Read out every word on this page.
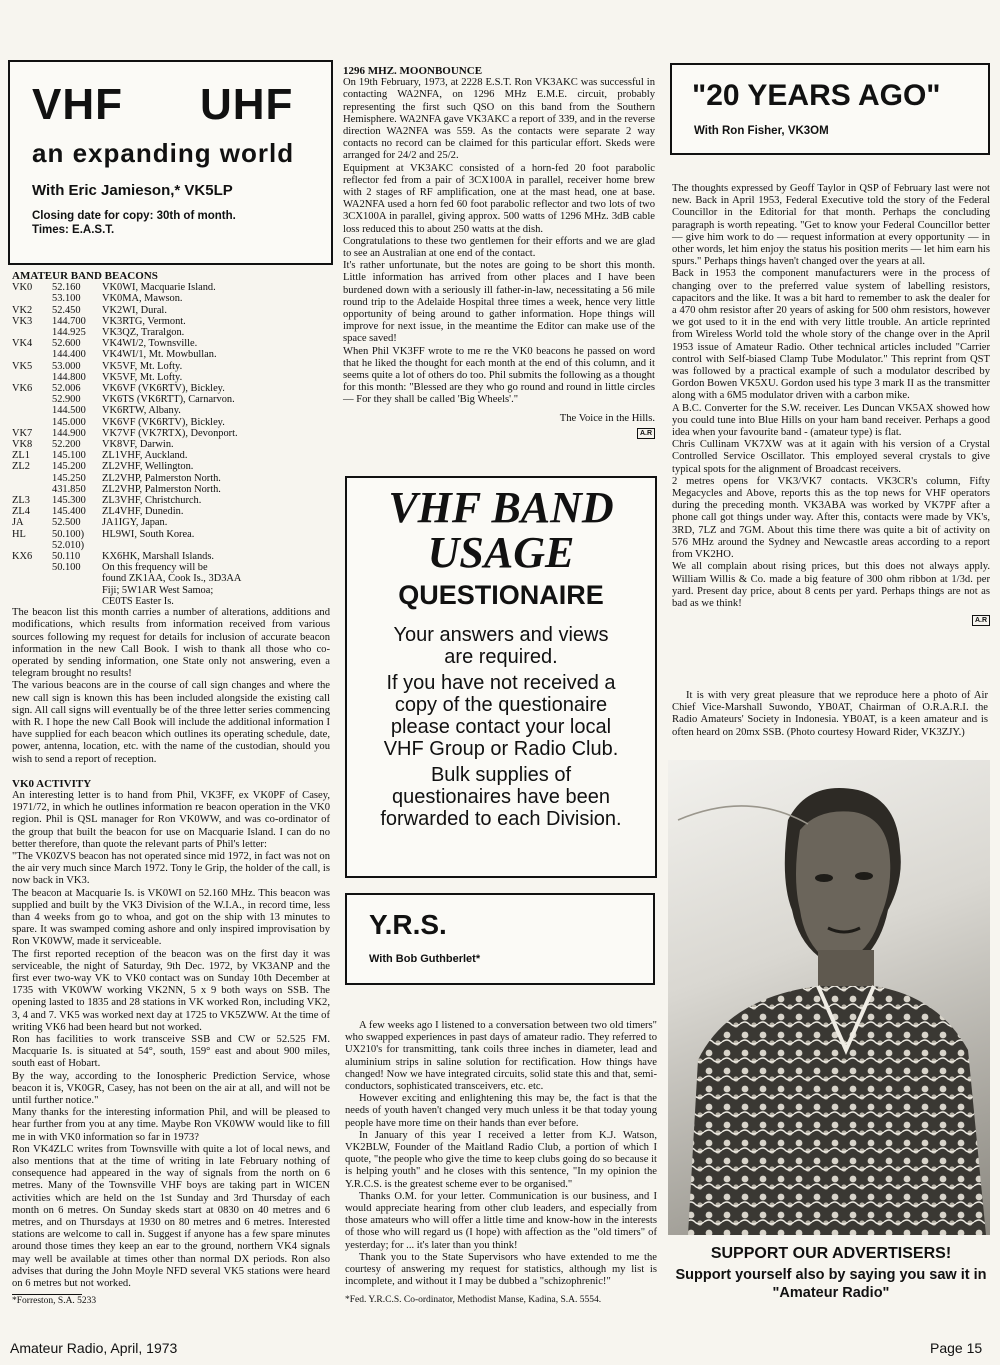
VHF UHF
an expanding world
With Eric Jamieson,* VK5LP
Closing date for copy: 30th of month.
Times: E.A.S.T.
AMATEUR BAND BEACONS
VK0	52.160	VK0WI, Macquarie Island.
	53.100	VK0MA, Mawson.
VK2	52.450	VK2WI, Dural.
VK3	144.700	VK3RTG, Vermont.
	144.925	VK3QZ, Traralgon.
VK4	52.600	VK4WI/2, Townsville.
	144.400	VK4WI/1, Mt. Mowbullan.
VK5	53.000	VK5VF, Mt. Lofty.
	144.800	VK5VF, Mt. Lofty.
VK6	52.006	VK6VF (VK6RTV), Bickley.
	52.900	VK6TS (VK6RTT), Carnarvon.
	144.500	VK6RTW, Albany.
	145.000	VK6VF (VK6RTV), Bickley.
VK7	144.900	VK7VF (VK7RTX), Devonport.
VK8	52.200	VK8VF, Darwin.
ZL1	145.100	ZL1VHF, Auckland.
ZL2	145.200	ZL2VHF, Wellington.
	145.250	ZL2VHP, Palmerston North.
	431.850	ZL2VHP, Palmerston North.
ZL3	145.300	ZL3VHF, Christchurch.
ZL4	145.400	ZL4VHF, Dunedin.
JA	52.500	JA1IGY, Japan.
HL	50.100)	HL9WI, South Korea.
	52.010)	
KX6	50.110	KX6HK, Marshall Islands.
	50.100	On this frequency will be
		found ZK1AA, Cook Is., 3D3AA
		Fiji; 5W1AR West Samoa;
		CE0TS Easter Is.

The beacon list this month carries a number of alterations, additions and modifications, which results from information received from various sources following my request for details for inclusion of accurate beacon information in the new Call Book. I wish to thank all those who co-operated by sending information, one State only not answering, even a telegram brought no results!

The various beacons are in the course of call sign changes and where the new call sign is known this has been included alongside the existing call sign. All call signs will eventually be of the three letter series commencing with R. I hope the new Call Book will include the additional information I have supplied for each beacon which outlines its operating schedule, date, power, antenna, location, etc. with the name of the custodian, should you wish to send a report of reception.

VK0 ACTIVITY

An interesting letter is to hand from Phil, VK3FF, ex VK0PF of Casey, 1971/72, in which he outlines information re beacon operation in the VK0 region. Phil is QSL manager for Ron VK0WW, and was co-ordinator of the group that built the beacon for use on Macquarie Island. I can do no better therefore, than quote the relevant parts of Phil's letter:

"The VK0ZVS beacon has not operated since mid 1972, in fact was not on the air very much since March 1972. Tony le Grip, the holder of the call, is now back in VK3.

The beacon at Macquarie Is. is VK0WI on 52.160 MHz. This beacon was supplied and built by the VK3 Division of the W.I.A., in record time, less than 4 weeks from go to whoa, and got on the ship with 13 minutes to spare. It was swamped coming ashore and only inspired improvisation by Ron VK0WW, made it serviceable.

The first reported reception of the beacon was on the first day it was serviceable, the night of Saturday, 9th Dec. 1972, by VK3ANP and the first ever two-way VK to VK0 contact was on Sunday 10th December at 1735 with VK0WW working VK2NN, 5 x 9 both ways on SSB. The opening lasted to 1835 and 28 stations in VK worked Ron, including VK2, 3, 4 and 7. VK5 was worked next day at 1725 to VK5ZWW. At the time of writing VK6 had been heard but not worked.

Ron has facilities to work transceive SSB and CW or 52.525 FM. Macquarie Is. is situated at 54°, south, 159° east and about 900 miles, south east of Hobart.

By the way, according to the Ionospheric Prediction Service, whose beacon it is, VK0GR, Casey, has not been on the air at all, and will not be until further notice."

Many thanks for the interesting information Phil, and will be pleased to hear further from you at any time. Maybe Ron VK0WW would like to fill me in with VK0 information so far in 1973?

Ron VK4ZLC writes from Townsville with quite a lot of local news, and also mentions that at the time of writing in late February nothing of consequence had appeared in the way of signals from the north on 6 metres. Many of the Townsville VHF boys are taking part in WICEN activities which are held on the 1st Sunday and 3rd Thursday of each month on 6 metres. On Sunday skeds start at 0830 on 40 metres and 6 metres, and on Thursdays at 1930 on 80 metres and 6 metres. Interested stations are welcome to call in. Suggest if anyone has a few spare minutes around those times they keep an ear to the ground, northern VK4 signals may well be available at times other than normal DX periods. Ron also advises that during the John Moyle NFD several VK5 stations were heard on 6 metres but not worked.

*Forreston, S.A. 5233
1296 MHZ. MOONBOUNCE

On 19th February, 1973, at 2228 E.S.T. Ron VK3AKC was successful in contacting WA2NFA, on 1296 MHz E.M.E. circuit, probably representing the first such QSO on this band from the Southern Hemisphere. WA2NFA gave VK3AKC a report of 339, and in the reverse direction WA2NFA was 559. As the contacts were separate 2 way contacts no record can be claimed for this particular effort. Skeds were arranged for 24/2 and 25/2.

Equipment at VK3AKC consisted of a horn-fed 20 foot parabolic reflector fed from a pair of 3CX100A in parallel, receiver home brew with 2 stages of RF amplification, one at the mast head, one at base. WA2NFA used a horn fed 60 foot parabolic reflector and two lots of two 3CX100A in parallel, giving approx. 500 watts of 1296 MHz. 3dB cable loss reduced this to about 250 watts at the dish.

Congratulations to these two gentlemen for their efforts and we are glad to see an Australian at one end of the contact.

It's rather unfortunate, but the notes are going to be short this month. Little information has arrived from other places and I have been burdened down with a seriously ill father-in-law, necessitating a 56 mile round trip to the Adelaide Hospital three times a week, hence very little opportunity of being around to gather information. Hope things will improve for next issue, in the meantime the Editor can make use of the space saved!

When Phil VK3FF wrote to me re the VK0 beacons he passed on word that he liked the thought for each month at the end of this column, and it seems quite a lot of others do too. Phil submits the following as a thought for this month: "Blessed are they who go round and round in little circles — For they shall be called 'Big Wheels'."

The Voice in the Hills.
A.R
VHF BAND
USAGE
QUESTIONAIRE
Your answers and views are required.
If you have not received a copy of the questionaire please contact your local VHF Group or Radio Club.
Bulk supplies of questionaires have been forwarded to each Division.
Y.R.S.
With Bob Guthberlet*

A few weeks ago I listened to a conversation between two old timers" who swapped experiences in past days of amateur radio. They referred to UX210's for transmitting, tank coils three inches in diameter, lead and aluminium strips in saline solution for rectification. How things have changed! Now we have integrated circuits, solid state this and that, semi-conductors, sophisticated transceivers, etc. etc.

However exciting and enlightening this may be, the fact is that the needs of youth haven't changed very much unless it be that today young people have more time on their hands than ever before.

In January of this year I received a letter from K.J. Watson, VK2BLW, Founder of the Maitland Radio Club, a portion of which I quote, "the people who give the time to keep clubs going do so because it is helping youth" and he closes with this sentence, "In my opinion the Y.R.C.S. is the greatest scheme ever to be organised."

Thanks O.M. for your letter. Communication is our business, and I would appreciate hearing from other club leaders, and especially from those amateurs who will offer a little time and know-how in the interests of those who will regard us (I hope) with affection as the "old timers" of yesterday; for ... it's later than you think!

Thank you to the State Supervisors who have extended to me the courtesy of answering my request for statistics, although my list is incomplete, and without it I may be dubbed a "schizophrenic!"

*Fed. Y.R.C.S. Co-ordinator, Methodist Manse, Kadina, S.A. 5554.
"20 YEARS AGO"
With Ron Fisher, VK3OM

The thoughts expressed by Geoff Taylor in QSP of February last were not new. Back in April 1953, Federal Executive told the story of the Federal Councillor in the Editorial for that month. Perhaps the concluding paragraph is worth repeating. "Get to know your Federal Councillor better — give him work to do — request information at every opportunity — in other words, let him enjoy the status his position merits — let him earn his spurs." Perhaps things haven't changed over the years at all.

Back in 1953 the component manufacturers were in the process of changing over to the preferred value system of labelling resistors, capacitors and the like. It was a bit hard to remember to ask the dealer for a 470 ohm resistor after 20 years of asking for 500 ohm resistors, however we got used to it in the end with very little trouble. An article reprinted from Wireless World told the whole story of the change over in the April 1953 issue of Amateur Radio. Other technical articles included "Carrier control with Self-biased Clamp Tube Modulator." This reprint from QST was followed by a practical example of such a modulator described by Gordon Bowen VK5XU. Gordon used his type 3 mark II as the transmitter along with a 6M5 modulator driven with a carbon mike.

A B.C. Converter for the S.W. receiver. Les Duncan VK5AX showed how you could tune into Blue Hills on your ham band receiver. Perhaps a good idea when your favourite band - (amateur type) is flat.

Chris Cullinam VK7XW was at it again with his version of a Crystal Controlled Service Oscillator. This employed several crystals to give typical spots for the alignment of Broadcast receivers.

2 metres opens for VK3/VK7 contacts. VK3CR's column, Fifty Megacycles and Above, reports this as the top news for VHF operators during the preceding month. VK3ABA was worked by VK7PF after a phone call got things under way. After this, contacts were made by VK's, 3RD, 7LZ and 7GM. About this time there was quite a bit of activity on 576 MHz around the Sydney and Newcastle areas according to a report from VK2HO.

We all complain about rising prices, but this does not always apply. William Willis & Co. made a big feature of 300 ohm ribbon at 1/3d. per yard. Present day price, about 8 cents per yard. Perhaps things are not as bad as we think!

A.R
It is with very great pleasure that we reproduce here a photo of Air Chief Vice-Marshall Suwondo, YB0AT, Chairman of O.R.A.R.I. the Radio Amateurs' Society in Indonesia. YB0AT, is a keen amateur and is often heard on 20mx SSB. (Photo courtesy Howard Rider, VK3ZJY.)
SUPPORT OUR ADVERTISERS!
Support yourself also by saying you saw it in "Amateur Radio"
Amateur Radio, April, 1973	Page 15
